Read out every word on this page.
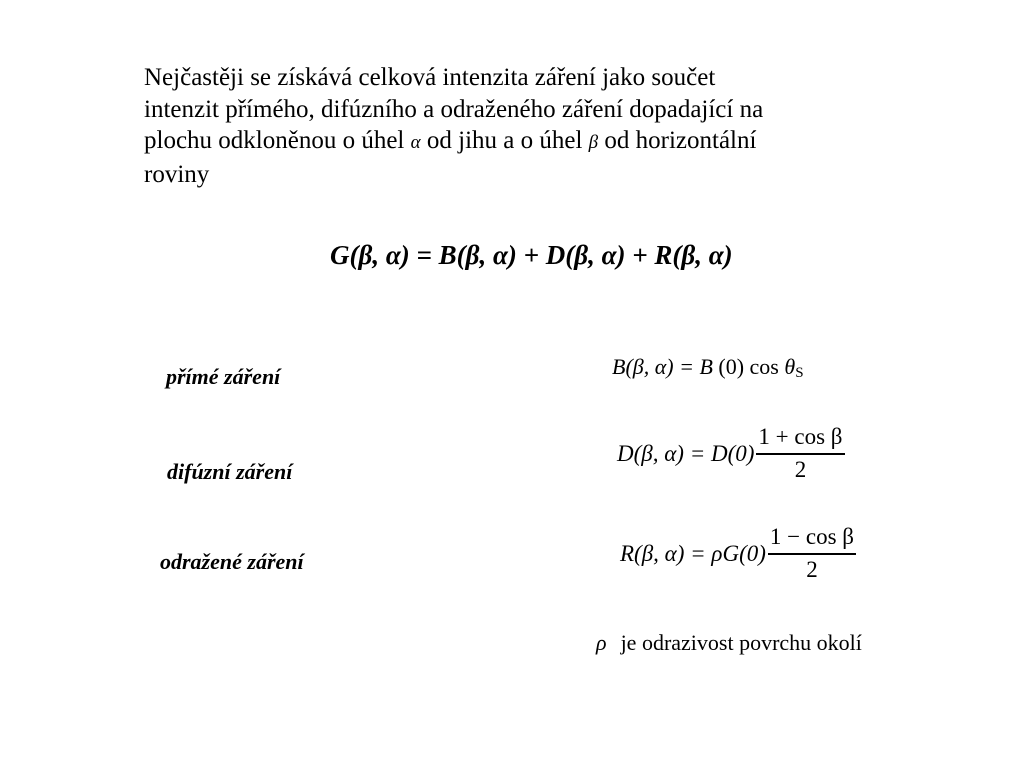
Nejčastěji se získává celková intenzita záření jako součet
intenzit přímého, difúzního a odraženého záření dopadající na
plochu odkloněnou o úhel α od jihu a o úhel β od horizontální
roviny
G(β, α) = B(β, α) + D(β, α) + R(β, α)
přímé záření	B(β, α) = B (0) $\cos \theta_S$
difúzní záření
D(β, $\alpha) = D(0) \frac{\text{1 + cos β}}{2}$
odražené záření	R(β, $\alpha) = \rho G(0) \frac{\text{1 − cos β}}{2}$
ρ je odrazivost povrchu okolí
